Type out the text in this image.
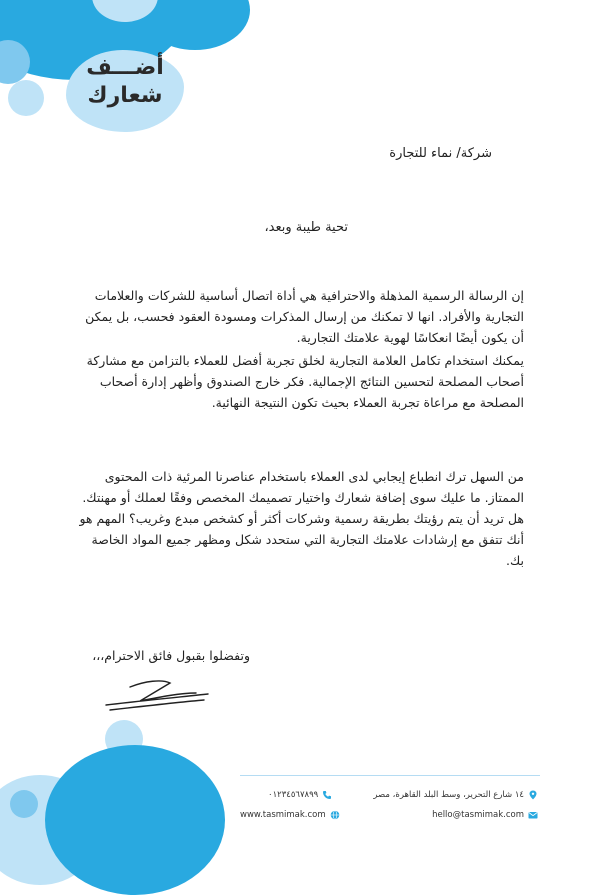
أضـــف
شعارك
شركة/ نماء للتجارة
تحية طيبة وبعد،

إن الرسالة الرسمية المذهلة والاحترافية هي أداة اتصال أساسية للشركات والعلامات التجارية والأفراد. انها لا تمكنك من إرسال المذكرات ومسودة العقود فحسب، بل يمكن أن يكون أيضًا انعكاسًا لهوية علامتك التجارية.

يمكنك استخدام تكامل العلامة التجارية لخلق تجربة أفضل للعملاء بالتزامن مع مشاركة أصحاب المصلحة لتحسين النتائج الإجمالية. فكر خارج الصندوق وأظهر إدارة أصحاب المصلحة مع مراعاة تجربة العملاء بحيث تكون النتيجة النهائية.

من السهل ترك انطباع إيجابي لدى العملاء باستخدام عناصرنا المرئية ذات المحتوى الممتاز. ما عليك سوى إضافة شعارك واختيار تصميمك المخصص وفقًا لعملك أو مهنتك. هل تريد أن يتم رؤيتك بطريقة رسمية وشركات أكثر أو كشخص مبدع وغريب؟ المهم هو أنك تتفق مع إرشادات علامتك التجارية التي ستحدد شكل ومظهر جميع المواد الخاصة بك.

وتفضلوا بقبول فائق الاحترام،،،
١٤ شارع التحرير، وسط البلد القاهرة، مصر
٠١٢٣٤٥٦٧٨٩٩
hello@tasmimak.com
www.tasmimak.com
